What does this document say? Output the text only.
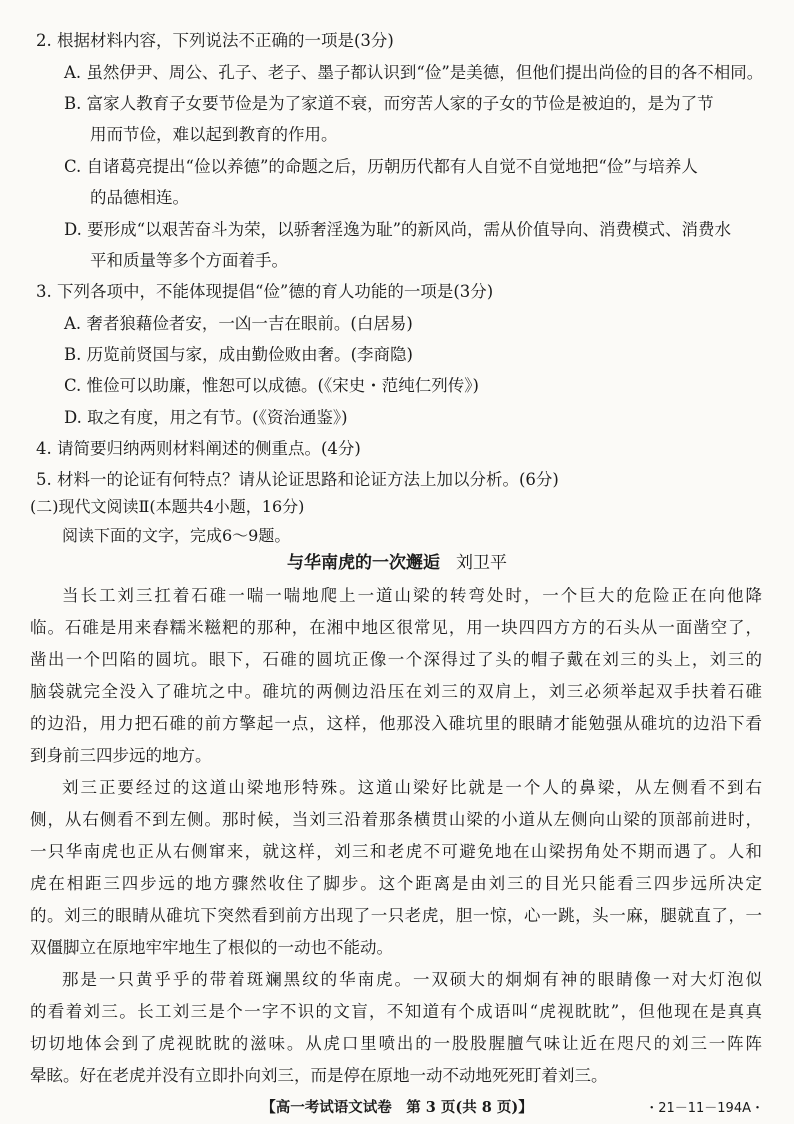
2. 根据材料内容，下列说法不正确的一项是(3分)
A. 虽然伊尹、周公、孔子、老子、墨子都认识到“俭”是美德，但他们提出尚俭的目的各不相同。
B. 富家人教育子女要节俭是为了家道不衰，而穷苦人家的子女的节俭是被迫的，是为了节
用而节俭，难以起到教育的作用。
C. 自诸葛亮提出“俭以养德”的命题之后，历朝历代都有人自觉不自觉地把“俭”与培养人
的品德相连。
D. 要形成“以艰苦奋斗为荣，以骄奢淫逸为耻”的新风尚，需从价值导向、消费模式、消费水
平和质量等多个方面着手。
3. 下列各项中，不能体现提倡“俭”德的育人功能的一项是(3分)
A. 奢者狼藉俭者安，一凶一吉在眼前。(白居易)
B. 历览前贤国与家，成由勤俭败由奢。(李商隐)
C. 惟俭可以助廉，惟恕可以成德。(《宋史・范纯仁列传》)
D. 取之有度，用之有节。(《资治通鉴》)
4. 请简要归纳两则材料阐述的侧重点。(4分)
5. 材料一的论证有何特点？请从论证思路和论证方法上加以分析。(6分)
(二)现代文阅读Ⅱ(本题共4小题，16分)
阅读下面的文字，完成6～9题。
与华南虎的一次邂逅 刘卫平
当长工刘三扛着石碓一喘一喘地爬上一道山梁的转弯处时，一个巨大的危险正在向他降
临。石碓是用来舂糯米糍粑的那种，在湘中地区很常见，用一块四四方方的石头从一面凿空了，
凿出一个凹陷的圆坑。眼下，石碓的圆坑正像一个深得过了头的帽子戴在刘三的头上，刘三的
脑袋就完全没入了碓坑之中。碓坑的两侧边沿压在刘三的双肩上，刘三必须举起双手扶着石碓
的边沿，用力把石碓的前方擎起一点，这样，他那没入碓坑里的眼睛才能勉强从碓坑的边沿下看
到身前三四步远的地方。
刘三正要经过的这道山梁地形特殊。这道山梁好比就是一个人的鼻梁，从左侧看不到右
侧，从右侧看不到左侧。那时候，当刘三沿着那条横贯山梁的小道从左侧向山梁的顶部前进时，
一只华南虎也正从右侧窜来，就这样，刘三和老虎不可避免地在山梁拐角处不期而遇了。人和
虎在相距三四步远的地方骤然收住了脚步。这个距离是由刘三的目光只能看三四步远所决定
的。刘三的眼睛从碓坑下突然看到前方出现了一只老虎，胆一惊，心一跳，头一麻，腿就直了，一
双僵脚立在原地牢牢地生了根似的一动也不能动。
那是一只黄乎乎的带着斑斓黑纹的华南虎。一双硕大的炯炯有神的眼睛像一对大灯泡似
的看着刘三。长工刘三是个一字不识的文盲，不知道有个成语叫“虎视眈眈”，但他现在是真真
切切地体会到了虎视眈眈的滋味。从虎口里喷出的一股股腥膻气味让近在咫尺的刘三一阵阵
晕眩。好在老虎并没有立即扑向刘三，而是停在原地一动不动地死死盯着刘三。
【高一考试语文试卷　第 3 页(共 8 页)】	・21－11－194A・
